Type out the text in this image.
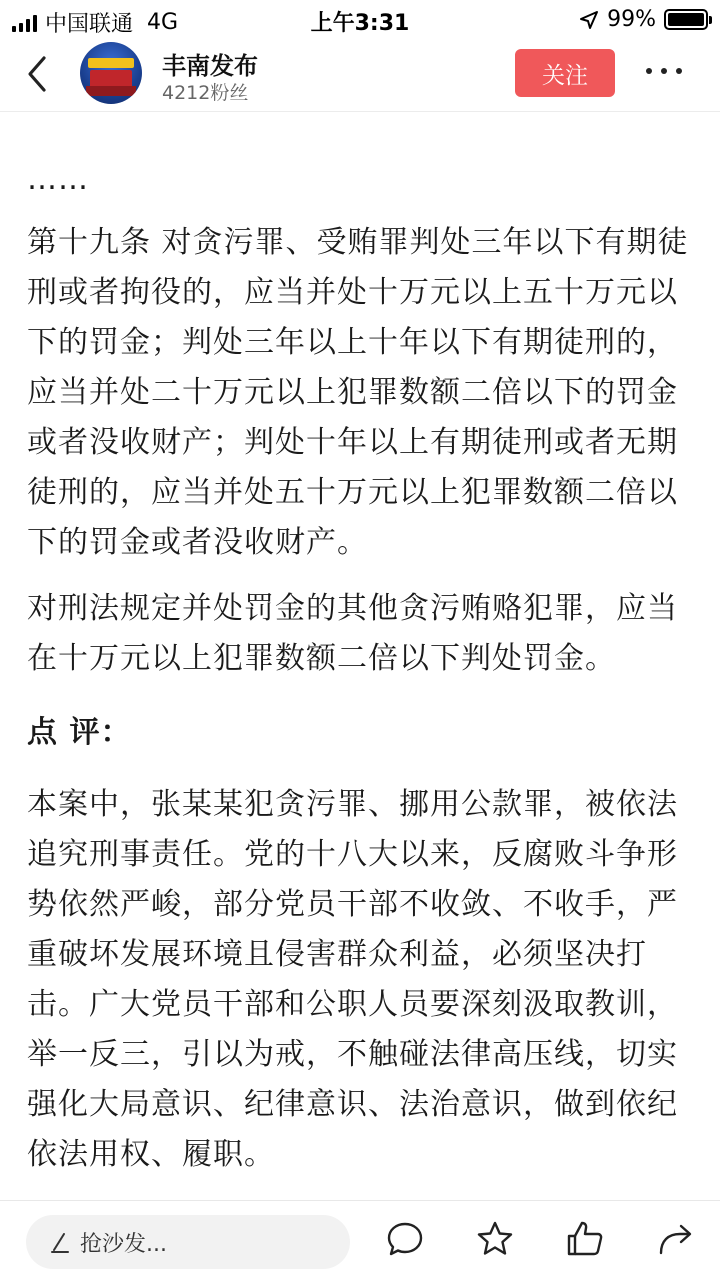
中国联通 4G	上午3:31	99%
丰南发布
4212粉丝
关注

……

第十九条 对贪污罪、受贿罪判处三年以下有期徒刑或者拘役的，应当并处十万元以上五十万元以下的罚金；判处三年以上十年以下有期徒刑的，应当并处二十万元以上犯罪数额二倍以下的罚金或者没收财产；判处十年以上有期徒刑或者无期徒刑的，应当并处五十万元以上犯罪数额二倍以下的罚金或者没收财产。

对刑法规定并处罚金的其他贪污贿赂犯罪，应当在十万元以上犯罪数额二倍以下判处罚金。

点 评：

本案中，张某某犯贪污罪、挪用公款罪，被依法追究刑事责任。党的十八大以来，反腐败斗争形势依然严峻，部分党员干部不收敛、不收手，严重破坏发展环境且侵害群众利益，必须坚决打击。广大党员干部和公职人员要深刻汲取教训，举一反三，引以为戒，不触碰法律高压线，切实强化大局意识、纪律意识、法治意识，做到依纪依法用权、履职。

抢沙发...
